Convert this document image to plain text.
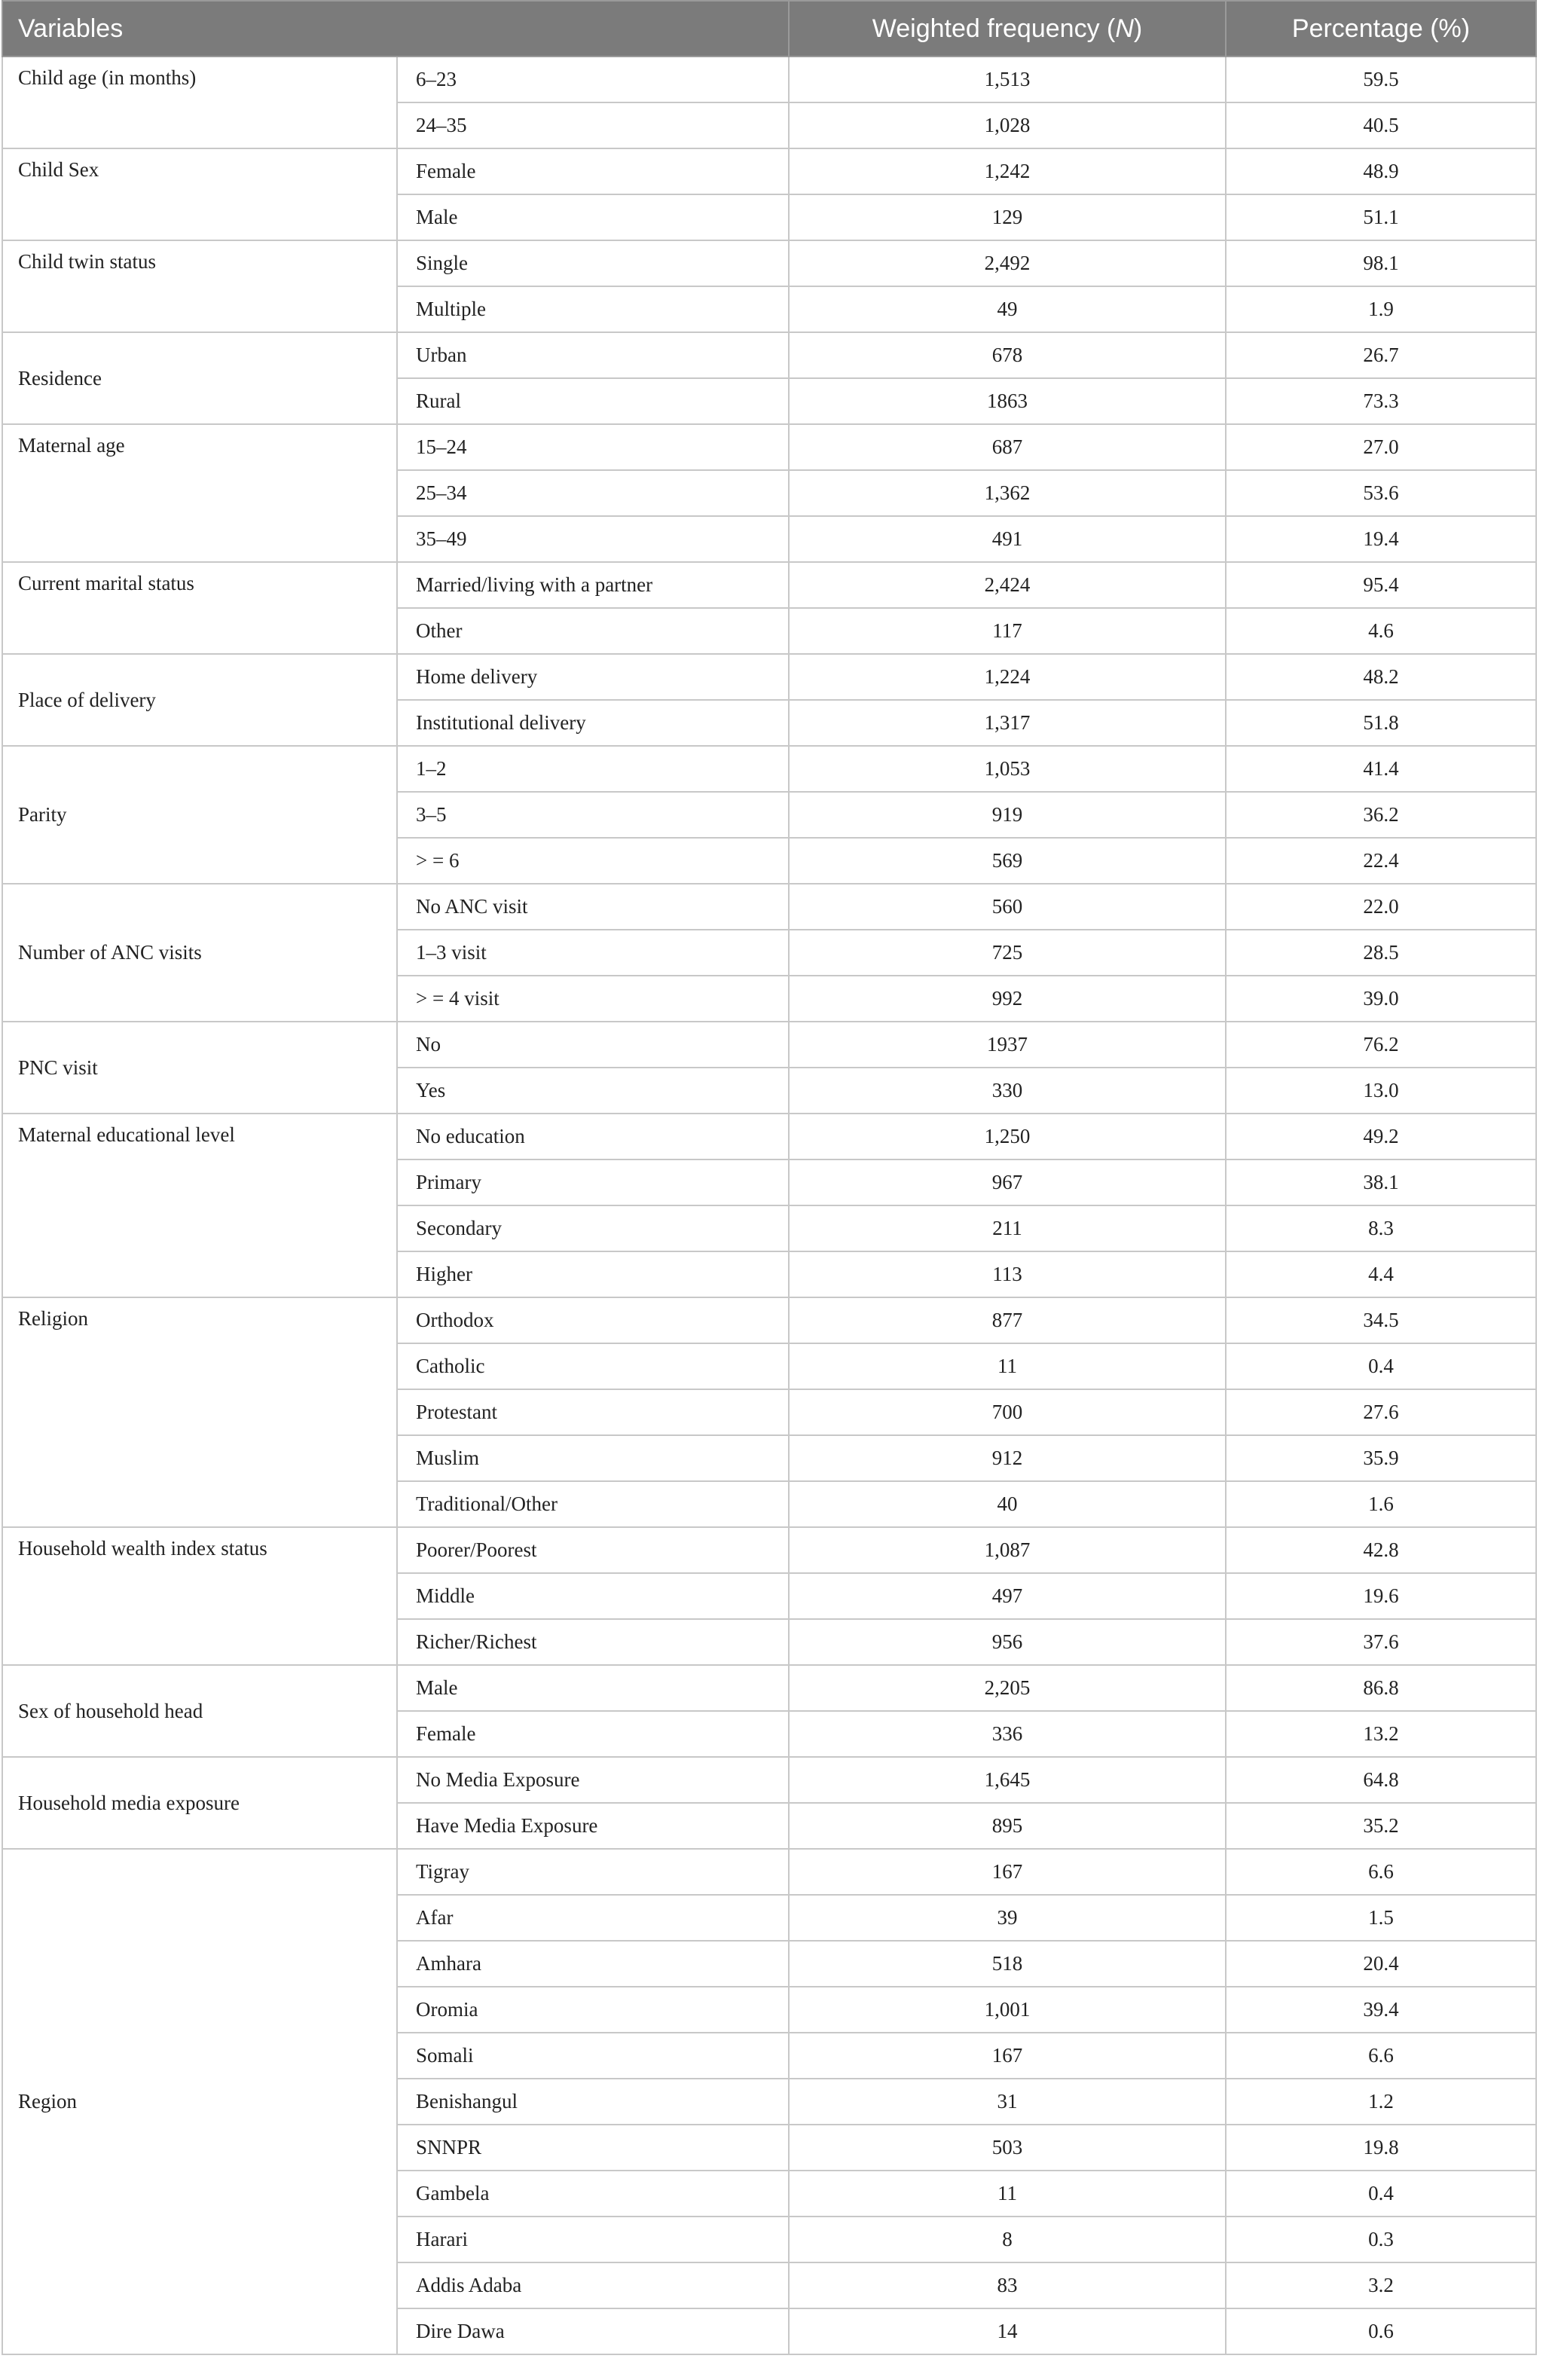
Variables		Weighted frequency (N)	Percentage (%)
Child age (in months)	6–23	1,513	59.5
	24–35	1,028	40.5
Child Sex	Female	1,242	48.9
	Male	129	51.1
Child twin status	Single	2,492	98.1
	Multiple	49	1.9
Residence	Urban	678	26.7
	Rural	1863	73.3
Maternal age	15–24	687	27.0
	25–34	1,362	53.6
	35–49	491	19.4
Current marital status	Married/living with a partner	2,424	95.4
	Other	117	4.6
Place of delivery	Home delivery	1,224	48.2
	Institutional delivery	1,317	51.8
Parity	1–2	1,053	41.4
	3–5	919	36.2
	> = 6	569	22.4
Number of ANC visits	No ANC visit	560	22.0
	1–3 visit	725	28.5
	> = 4 visit	992	39.0
PNC visit	No	1937	76.2
	Yes	330	13.0
Maternal educational level	No education	1,250	49.2
	Primary	967	38.1
	Secondary	211	8.3
	Higher	113	4.4
Religion	Orthodox	877	34.5
	Catholic	11	0.4
	Protestant	700	27.6
	Muslim	912	35.9
	Traditional/Other	40	1.6
Household wealth index status	Poorer/Poorest	1,087	42.8
	Middle	497	19.6
	Richer/Richest	956	37.6
Sex of household head	Male	2,205	86.8
	Female	336	13.2
Household media exposure	No Media Exposure	1,645	64.8
	Have Media Exposure	895	35.2
Region	Tigray	167	6.6
	Afar	39	1.5
	Amhara	518	20.4
	Oromia	1,001	39.4
	Somali	167	6.6
	Benishangul	31	1.2
	SNNPR	503	19.8
	Gambela	11	0.4
	Harari	8	0.3
	Addis Adaba	83	3.2
	Dire Dawa	14	0.6
